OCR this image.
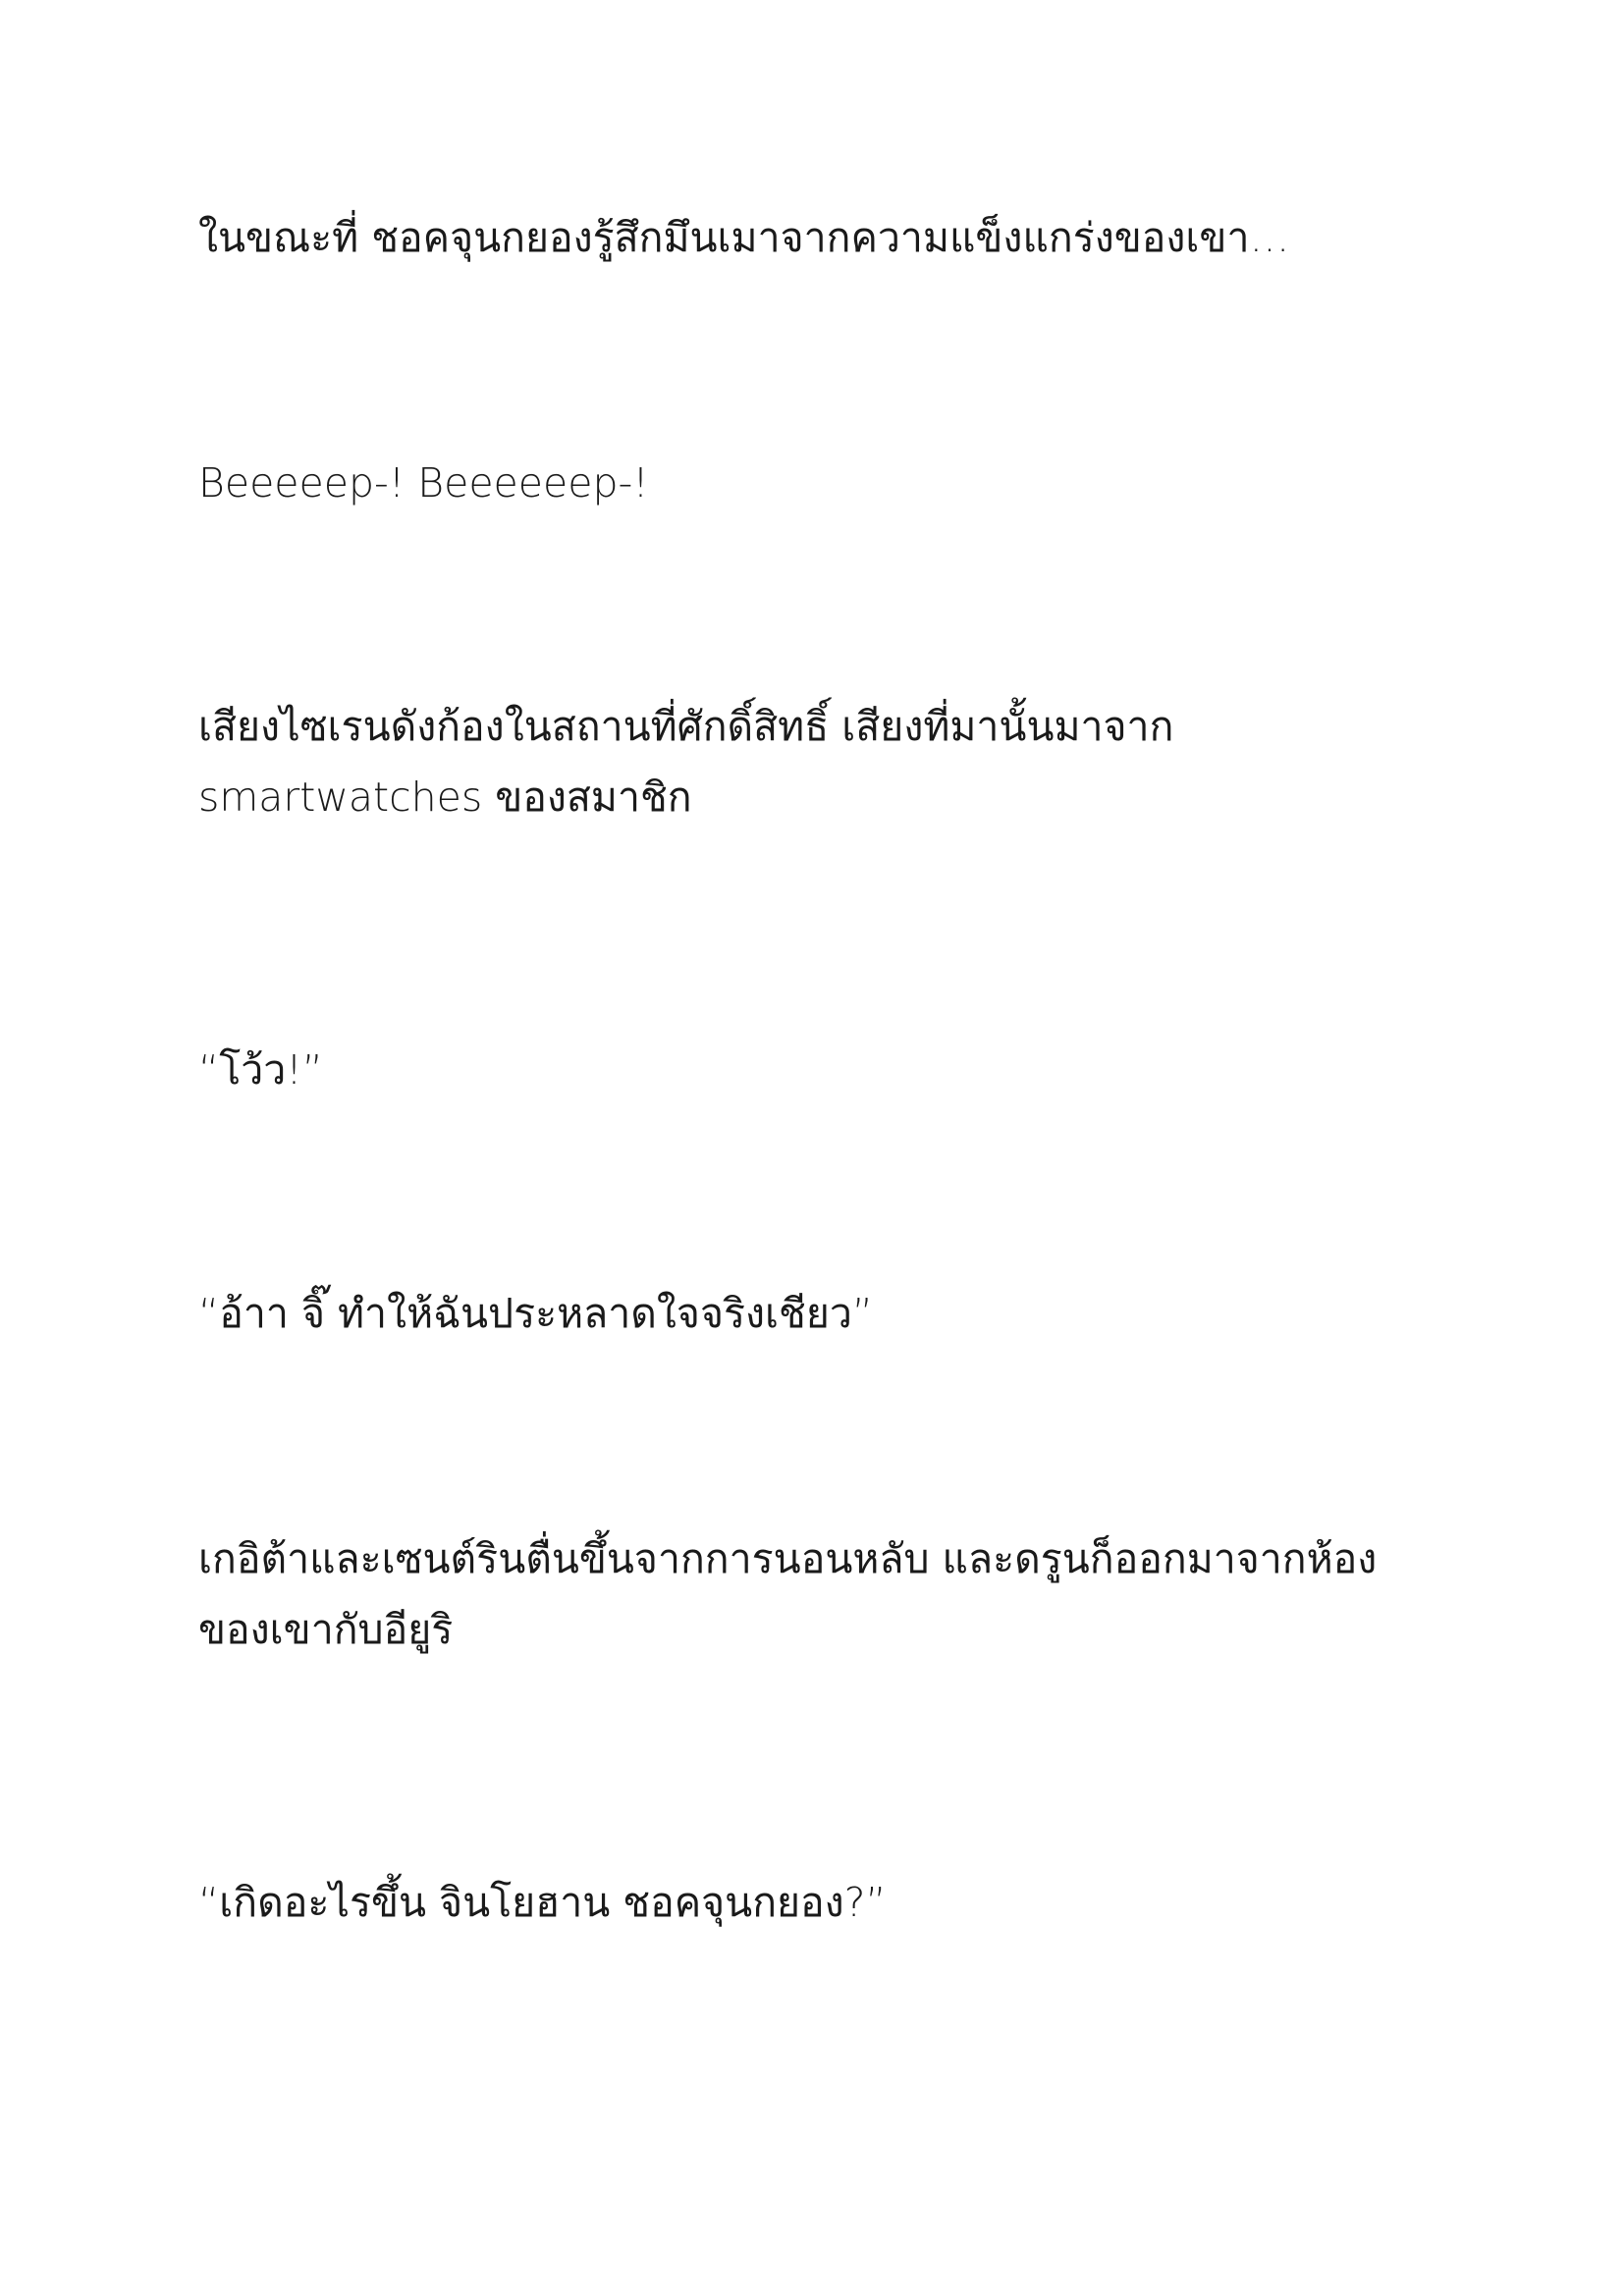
ในขณะที่ ชอคจุนกยองรู้สึกมึนเมาจากความแข็งแกร่งของเขา…

Beeeeep-! Beeeeeep-!

เสียงไซเรนดังก้องในสถานที่ศักดิ์สิทธิ์ เสียงที่มานั้นมาจาก
smartwatches ของสมาชิก

“โว้ว!”

“อ้าา จิ๊ ทำให้ฉันประหลาดใจจริงเชียว”

เกอิต้าและเซนต์รินตื่นขึ้นจากการนอนหลับ และดรูนก็ออกมาจากห้อง
ของเขากับอียูริ

“เกิดอะไรขึ้น จินโยฮาน ชอคจุนกยอง?”
